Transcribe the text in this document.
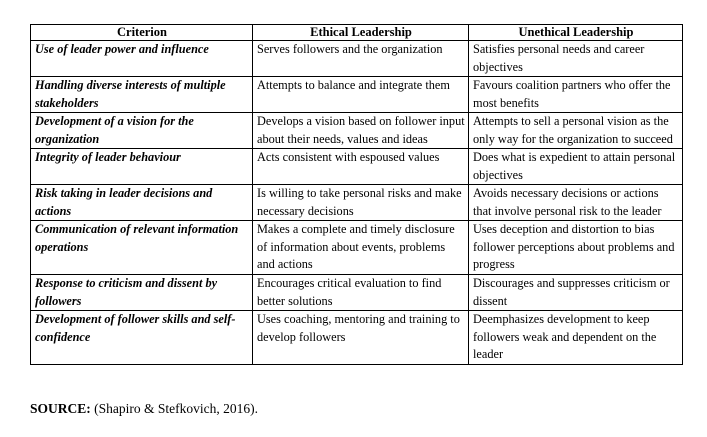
Criterion	Ethical Leadership	Unethical Leadership
Use of leader power and influence	Serves followers and the organization	Satisfies personal needs and career objectives
Handling diverse interests of multiple stakeholders	Attempts to balance and integrate them	Favours coalition partners who offer the most benefits
Development of a vision for the organization	Develops a vision based on follower input about their needs, values and ideas	Attempts to sell a personal vision as the only way for the organization to succeed
Integrity of leader behaviour	Acts consistent with espoused values	Does what is expedient to attain personal objectives
Risk taking in leader decisions and actions	Is willing to take personal risks and make necessary decisions	Avoids necessary decisions or actions that involve personal risk to the leader
Communication of relevant information operations	Makes a complete and timely disclosure of information about events, problems and actions	Uses deception and distortion to bias follower perceptions about problems and progress
Response to criticism and dissent by followers	Encourages critical evaluation to find better solutions	Discourages and suppresses criticism or dissent
Development of follower skills and self-confidence	Uses coaching, mentoring and training to develop followers	Deemphasizes development to keep followers weak and dependent on the leader
SOURCE: (Shapiro & Stefkovich, 2016).
